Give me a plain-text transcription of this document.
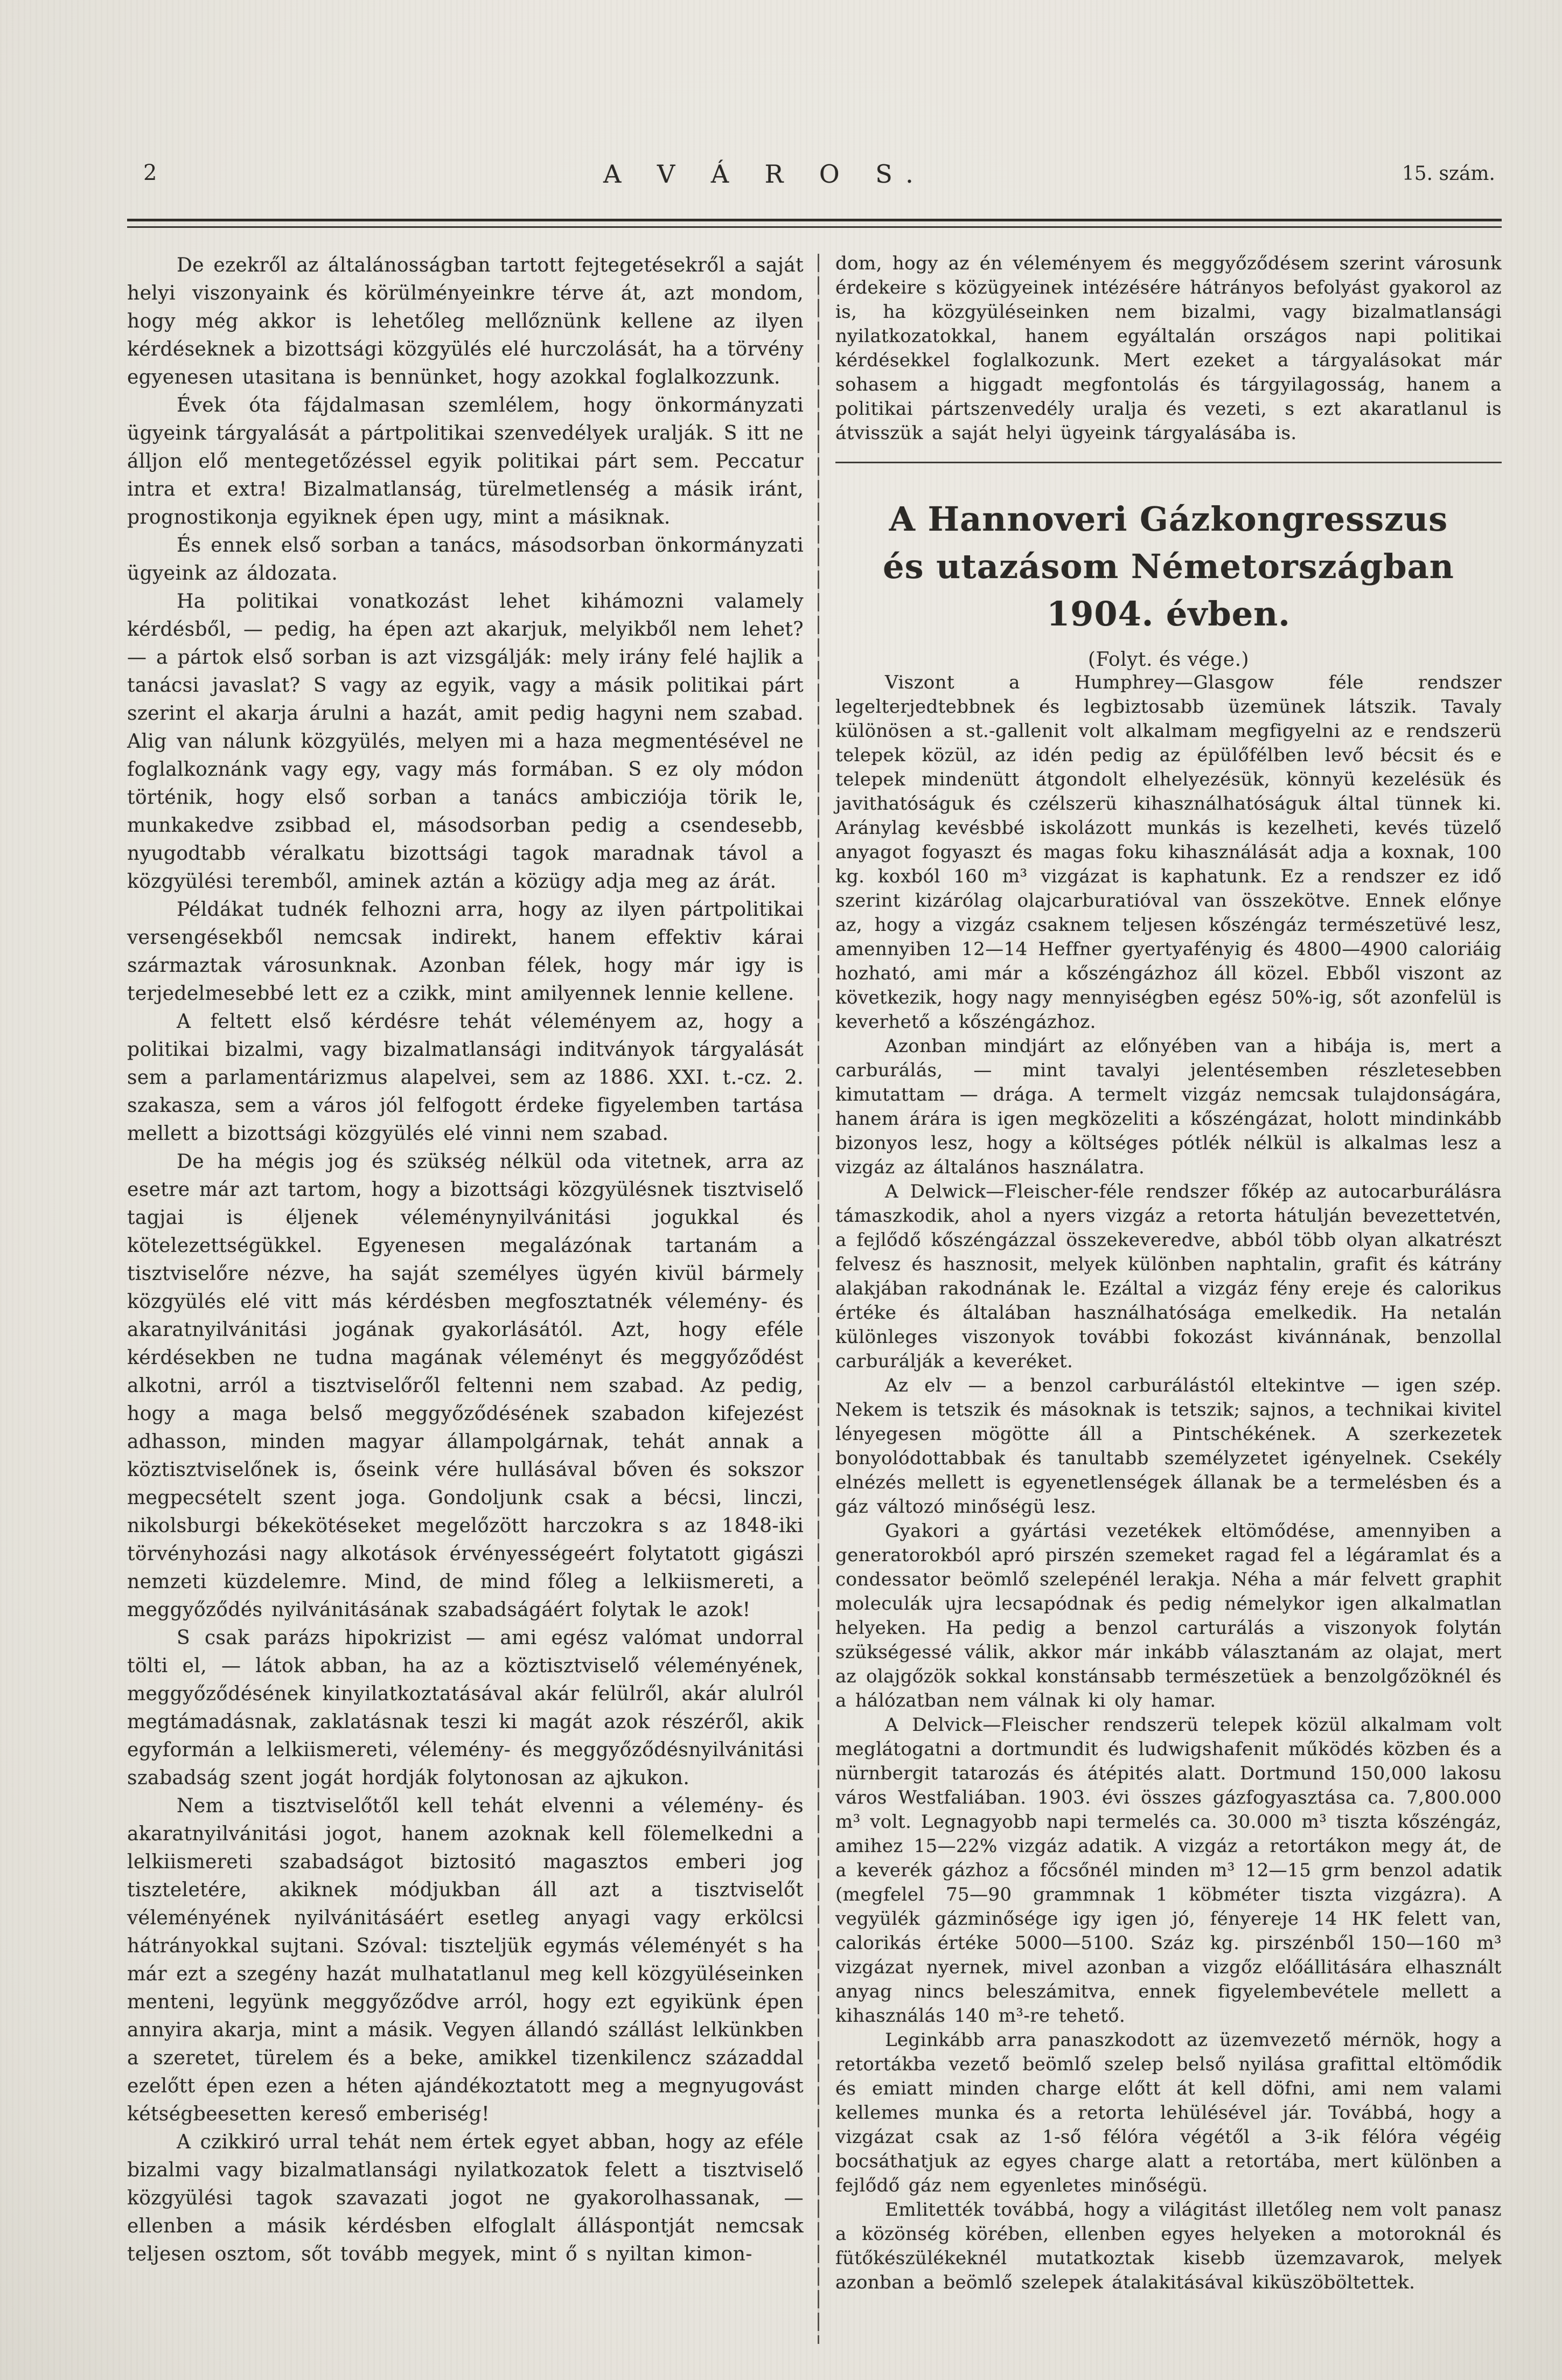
2	A V Á R O S.	15. szám.

De ezekről az általánosságban tartott fejtegetésekről a saját helyi viszonyaink és körülményeinkre térve át, azt mondom, hogy még akkor is lehetőleg mellőznünk kellene az ilyen kérdéseknek a bizottsági közgyülés elé hurczolását, ha a törvény egyenesen utasitana is bennünket, hogy azokkal foglalkozzunk.

Évek óta fájdalmasan szemlélem, hogy önkormányzati ügyeink tárgyalását a pártpolitikai szenvedélyek uralják. S itt ne álljon elő mentegetőzéssel egyik politikai párt sem. Peccatur intra et extra! Bizalmatlanság, türelmetlenség a másik iránt, prognostikonja egyiknek épen ugy, mint a másiknak.

És ennek első sorban a tanács, másodsorban önkormányzati ügyeink az áldozata.

Ha politikai vonatkozást lehet kihámozni valamely kérdésből, — pedig, ha épen azt akarjuk, melyikből nem lehet? — a pártok első sorban is azt vizsgálják: mely irány felé hajlik a tanácsi javaslat? S vagy az egyik, vagy a másik politikai párt szerint el akarja árulni a hazát, amit pedig hagyni nem szabad. Alig van nálunk közgyülés, melyen mi a haza megmentésével ne foglalkoznánk vagy egy, vagy más formában. S ez oly módon történik, hogy első sorban a tanács ambicziója törik le, munkakedve zsibbad el, másodsorban pedig a csendesebb, nyugodtabb véralkatu bizottsági tagok maradnak távol a közgyülési teremből, aminek aztán a közügy adja meg az árát.

Példákat tudnék felhozni arra, hogy az ilyen pártpolitikai versengésekből nemcsak indirekt, hanem effektiv kárai származtak városunknak. Azonban félek, hogy már igy is terjedelmesebbé lett ez a czikk, mint amilyennek lennie kellene.

A feltett első kérdésre tehát véleményem az, hogy a politikai bizalmi, vagy bizalmatlansági inditványok tárgyalását sem a parlamentárizmus alapelvei, sem az 1886. XXI. t.-cz. 2. szakasza, sem a város jól felfogott érdeke figyelemben tartása mellett a bizottsági közgyülés elé vinni nem szabad.

De ha mégis jog és szükség nélkül oda vitetnek, arra az esetre már azt tartom, hogy a bizottsági közgyülésnek tisztviselő tagjai is éljenek véleménynyilvánitási jogukkal és kötelezettségükkel. Egyenesen megalázónak tartanám a tisztviselőre nézve, ha saját személyes ügyén kivül bármely közgyülés elé vitt más kérdésben megfosztatnék vélemény- és akaratnyilvánitási jogának gyakorlásától. Azt, hogy eféle kérdésekben ne tudna magának véleményt és meggyőződést alkotni, arról a tisztviselőről feltenni nem szabad. Az pedig, hogy a maga belső meggyőződésének szabadon kifejezést adhasson, minden magyar állampolgárnak, tehát annak a köztisztviselőnek is, őseink vére hullásával bőven és sokszor megpecsételt szent joga. Gondoljunk csak a bécsi, linczi, nikolsburgi békekötéseket megelőzött harczokra s az 1848-iki törvényhozási nagy alkotások érvényességeért folytatott gigászi nemzeti küzdelemre. Mind, de mind főleg a lelkiismereti, a meggyőződés nyilvánitásának szabadságáért folytak le azok!

S csak parázs hipokrizist — ami egész valómat undorral tölti el, — látok abban, ha az a köztisztviselő véleményének, meggyőződésének kinyilatkoztatásával akár felülről, akár alulról megtámadásnak, zaklatásnak teszi ki magát azok részéről, akik egyformán a lelkiismereti, vélemény- és meggyőződésnyilvánitási szabadság szent jogát hordják folytonosan az ajkukon.

Nem a tisztviselőtől kell tehát elvenni a vélemény- és akaratnyilvánitási jogot, hanem azoknak kell fölemelkedni a lelkiismereti szabadságot biztositó magasztos emberi jog tiszteletére, akiknek módjukban áll azt a tisztviselőt véleményének nyilvánitásáért esetleg anyagi vagy erkölcsi hátrányokkal sujtani. Szóval: tiszteljük egymás véleményét s ha már ezt a szegény hazát mulhatatlanul meg kell közgyüléseinken menteni, legyünk meggyőződve arról, hogy ezt egyikünk épen annyira akarja, mint a másik. Vegyen állandó szállást lelkünkben a szeretet, türelem és a beke, amikkel tizenkilencz századdal ezelőtt épen ezen a héten ajándékoztatott meg a megnyugovást kétségbeesetten kereső emberiség!

A czikkiró urral tehát nem értek egyet abban, hogy az eféle bizalmi vagy bizalmatlansági nyilatkozatok felett a tisztviselő közgyülési tagok szavazati jogot ne gyakorolhassanak, — ellenben a másik kérdésben elfoglalt álláspontját nemcsak teljesen osztom, sőt tovább megyek, mint ő s nyiltan kimon-

dom, hogy az én véleményem és meggyőződésem szerint városunk érdekeire s közügyeinek intézésére hátrányos befolyást gyakorol az is, ha közgyüléseinken nem bizalmi, vagy bizalmatlansági nyilatkozatokkal, hanem egyáltalán országos napi politikai kérdésekkel foglalkozunk. Mert ezeket a tárgyalásokat már sohasem a higgadt megfontolás és tárgyilagosság, hanem a politikai pártszenvedély uralja és vezeti, s ezt akaratlanul is átvisszük a saját helyi ügyeink tárgyalásába is.

A Hannoveri Gázkongresszus
és utazásom Németországban
1904. évben.
(Folyt. és vége.)

Viszont a Humphrey—Glasgow féle rendszer legelterjedtebbnek és legbiztosabb üzemünek látszik. Tavaly különösen a st.-gallenit volt alkalmam megfigyelni az e rendszerü telepek közül, az idén pedig az épülőfélben levő bécsit és e telepek mindenütt átgondolt elhelyezésük, könnyü kezelésük és javithatóságuk és czélszerü kihasználhatóságuk által tünnek ki. Aránylag kevésbbé iskolázott munkás is kezelheti, kevés tüzelő anyagot fogyaszt és magas foku kihasználását adja a koxnak, 100 kg. koxból 160 m³ vizgázat is kaphatunk. Ez a rendszer ez idő szerint kizárólag olajcarburatióval van összekötve. Ennek előnye az, hogy a vizgáz csaknem teljesen kőszéngáz természetüvé lesz, amennyiben 12—14 Heffner gyertyafényig és 4800—4900 caloriáig hozható, ami már a kőszéngázhoz áll közel. Ebből viszont az következik, hogy nagy mennyiségben egész 50%-ig, sőt azonfelül is keverhető a kőszéngázhoz.

Azonban mindjárt az előnyében van a hibája is, mert a carburálás, — mint tavalyi jelentésemben részletesebben kimutattam — drága. A termelt vizgáz nemcsak tulajdonságára, hanem árára is igen megközeliti a kőszéngázat, holott mindinkább bizonyos lesz, hogy a költséges pótlék nélkül is alkalmas lesz a vizgáz az általános használatra.

A Delwick—Fleischer-féle rendszer főkép az autocarburálásra támaszkodik, ahol a nyers vizgáz a retorta hátulján bevezettetvén, a fejlődő kőszéngázzal összekeveredve, abból több olyan alkatrészt felvesz és hasznosit, melyek különben naphtalin, grafit és kátrány alakjában rakodnának le. Ezáltal a vizgáz fény ereje és calorikus értéke és általában használhatósága emelkedik. Ha netalán különleges viszonyok további fokozást kivánnának, benzollal carburálják a keveréket.

Az elv — a benzol carburálástól eltekintve — igen szép. Nekem is tetszik és másoknak is tetszik; sajnos, a technikai kivitel lényegesen mögötte áll a Pintschékének. A szerkezetek bonyolódottabbak és tanultabb személyzetet igényelnek. Csekély elnézés mellett is egyenetlenségek állanak be a termelésben és a gáz változó minőségü lesz.

Gyakori a gyártási vezetékek eltömődése, amennyiben a generatorokból apró pirszén szemeket ragad fel a légáramlat és a condessator beömlő szelepénél lerakja. Néha a már felvett graphit moleculák ujra lecsapódnak és pedig némelykor igen alkalmatlan helyeken. Ha pedig a benzol carturálás a viszonyok folytán szükségessé válik, akkor már inkább választanám az olajat, mert az olajgőzök sokkal konstánsabb természetüek a benzolgőzöknél és a hálózatban nem válnak ki oly hamar.

A Delvick—Fleischer rendszerü telepek közül alkalmam volt meglátogatni a dortmundit és ludwigshafenit működés közben és a nürnbergit tatarozás és átépités alatt. Dortmund 150,000 lakosu város Westfaliában. 1903. évi összes gázfogyasztása ca. 7,800.000 m³ volt. Legnagyobb napi termelés ca. 30.000 m³ tiszta kőszéngáz, amihez 15—22% vizgáz adatik. A vizgáz a retortákon megy át, de a keverék gázhoz a főcsőnél minden m³ 12—15 grm benzol adatik (megfelel 75—90 grammnak 1 köbméter tiszta vizgázra). A vegyülék gázminősége igy igen jó, fényereje 14 HK felett van, calorikás értéke 5000—5100. Száz kg. pirszénből 150—160 m³ vizgázat nyernek, mivel azonban a vizgőz előállitására elhasznált anyag nincs beleszámitva, ennek figyelembevétele mellett a kihasználás 140 m³-re tehető.

Leginkább arra panaszkodott az üzemvezető mérnök, hogy a retortákba vezető beömlő szelep belső nyilása grafittal eltömődik és emiatt minden charge előtt át kell döfni, ami nem valami kellemes munka és a retorta lehülésével jár. Továbbá, hogy a vizgázat csak az 1-ső félóra végétől a 3-ik félóra végéig bocsáthatjuk az egyes charge alatt a retortába, mert különben a fejlődő gáz nem egyenletes minőségü.

Emlitették továbbá, hogy a világitást illetőleg nem volt panasz a közönség körében, ellenben egyes helyeken a motoroknál és fütőkészülékeknél mutatkoztak kisebb üzemzavarok, melyek azonban a beömlő szelepek átalakitásával kiküszöböltettek.
